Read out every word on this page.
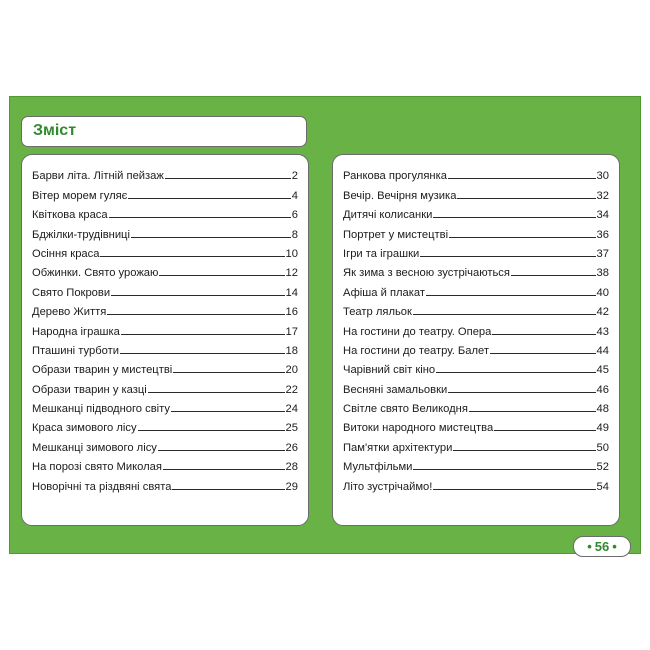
Зміст
Барви літа. Літній пейзаж	2
Вітер морем гуляє	4
Квіткова краса	6
Бджілки-трудівниці	8
Осіння краса	10
Обжинки. Свято урожаю	12
Свято Покрови	14
Дерево Життя	16
Народна іграшка	17
Пташині турботи	18
Образи тварин у мистецтві	20
Образи тварин у казці	22
Мешканці підводного світу	24
Краса зимового лісу	25
Мешканці зимового лісу	26
На порозі свято Миколая	28
Новорічні та різдвяні свята	29
Ранкова прогулянка	30
Вечір. Вечірня музика	32
Дитячі колисанки	34
Портрет у мистецтві	36
Ігри та іграшки	37
Як зима з весною зустрічаються	38
Афіша й плакат	40
Театр ляльок	42
На гостини до театру. Опера	43
На гостини до театру. Балет	44
Чарівний світ кіно	45
Весняні замальовки	46
Світле свято Великодня	48
Витоки народного мистецтва	49
Пам'ятки архітектури	50
Мультфільми	52
Літо зустрічаймо!	54
• 56 •
